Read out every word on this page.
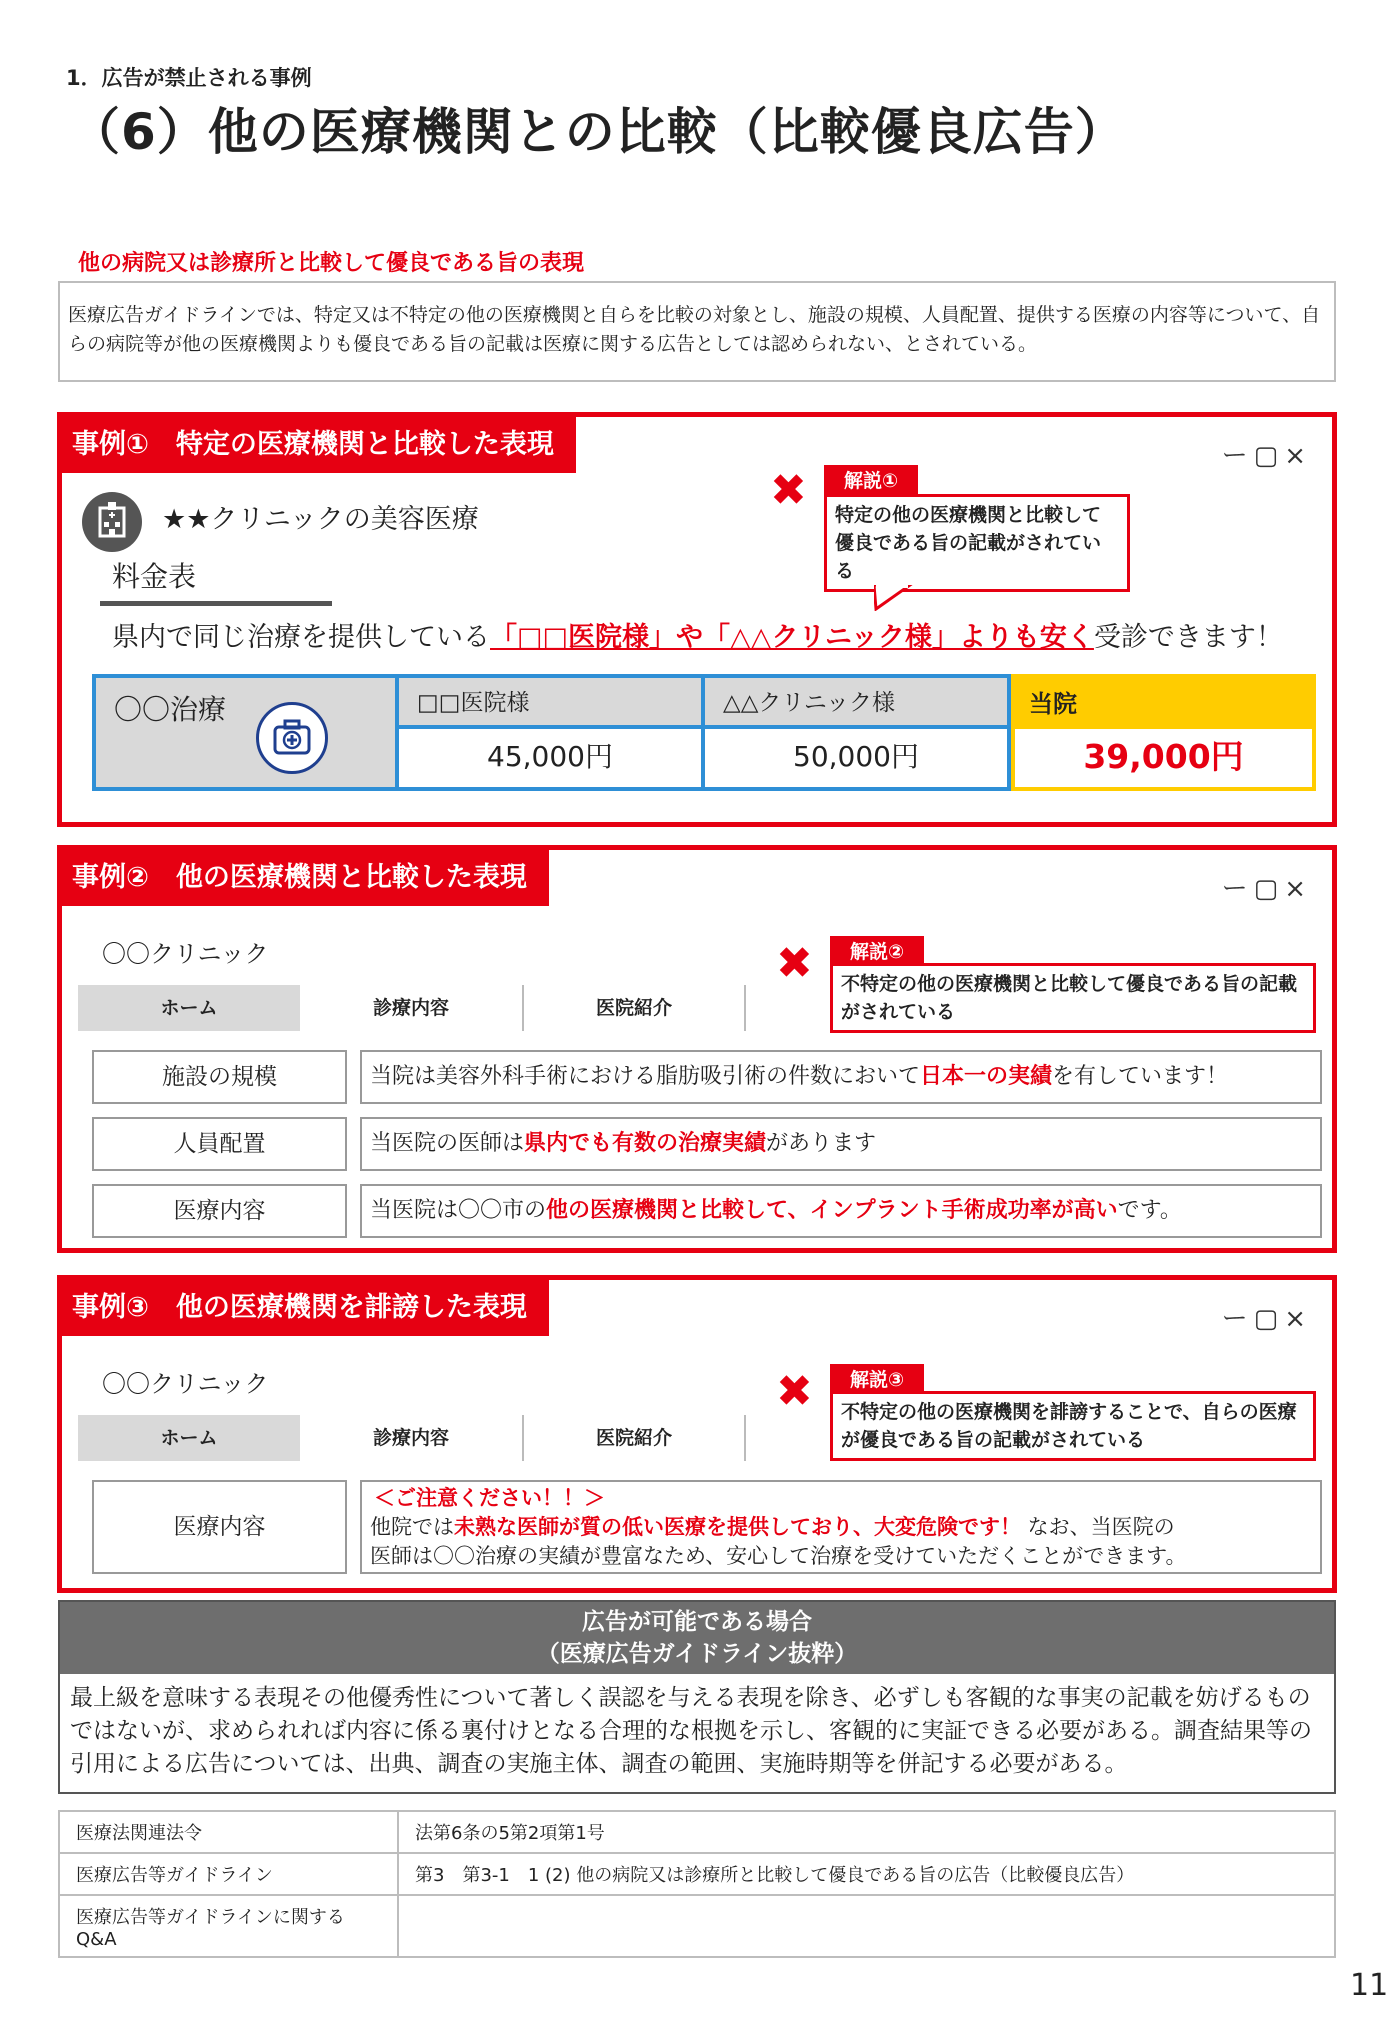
1．広告が禁止される事例
（6）他の医療機関との比較（比較優良広告）
他の病院又は診療所と比較して優良である旨の表現
医療広告ガイドラインでは、特定又は不特定の他の医療機関と自らを比較の対象とし、施設の規模、人員配置、提供する医療の内容等について、自らの病院等が他の医療機関よりも優良である旨の記載は医療に関する広告としては認められない、とされている。
事例①　特定の医療機関と比較した表現	ー▢×
★★クリニックの美容医療
料金表
✖	解説①
特定の他の医療機関と比較して優良である旨の記載がされている
県内で同じ治療を提供している「□□医院様」や「△△クリニック様」よりも安く受診できます！
〇〇治療	□□医院様	△△クリニック様	当院
45,000円	50,000円	39,000円
事例②　他の医療機関と比較した表現	ー▢×
〇〇クリニック
ホーム	診療内容	医院紹介
✖	解説②
不特定の他の医療機関と比較して優良である旨の記載がされている
施設の規模	当院は美容外科手術における脂肪吸引術の件数において日本一の実績を有しています！
人員配置	当医院の医師は県内でも有数の治療実績があります
医療内容	当医院は〇〇市の他の医療機関と比較して、インプラント手術成功率が高いです。
事例③　他の医療機関を誹謗した表現	ー▢×
〇〇クリニック
ホーム	診療内容	医院紹介
✖	解説③
不特定の他の医療機関を誹謗することで、自らの医療が優良である旨の記載がされている
医療内容
＜ご注意ください！！＞
他院では未熟な医師が質の低い医療を提供しており、大変危険です！ なお、当医院の
医師は〇〇治療の実績が豊富なため、安心して治療を受けていただくことができます。
広告が可能である場合
（医療広告ガイドライン抜粋）
最上級を意味する表現その他優秀性について著しく誤認を与える表現を除き、必ずしも客観的な事実の記載を妨げるものではないが、求められれば内容に係る裏付けとなる合理的な根拠を示し、客観的に実証できる必要がある。調査結果等の引用による広告については、出典、調査の実施主体、調査の範囲、実施時期等を併記する必要がある。
医療法関連法令	法第6条の5第2項第1号
医療広告等ガイドライン	第3　第3-1　1 (2) 他の病院又は診療所と比較して優良である旨の広告（比較優良広告）
医療広告等ガイドラインに関する Q&A	
11
